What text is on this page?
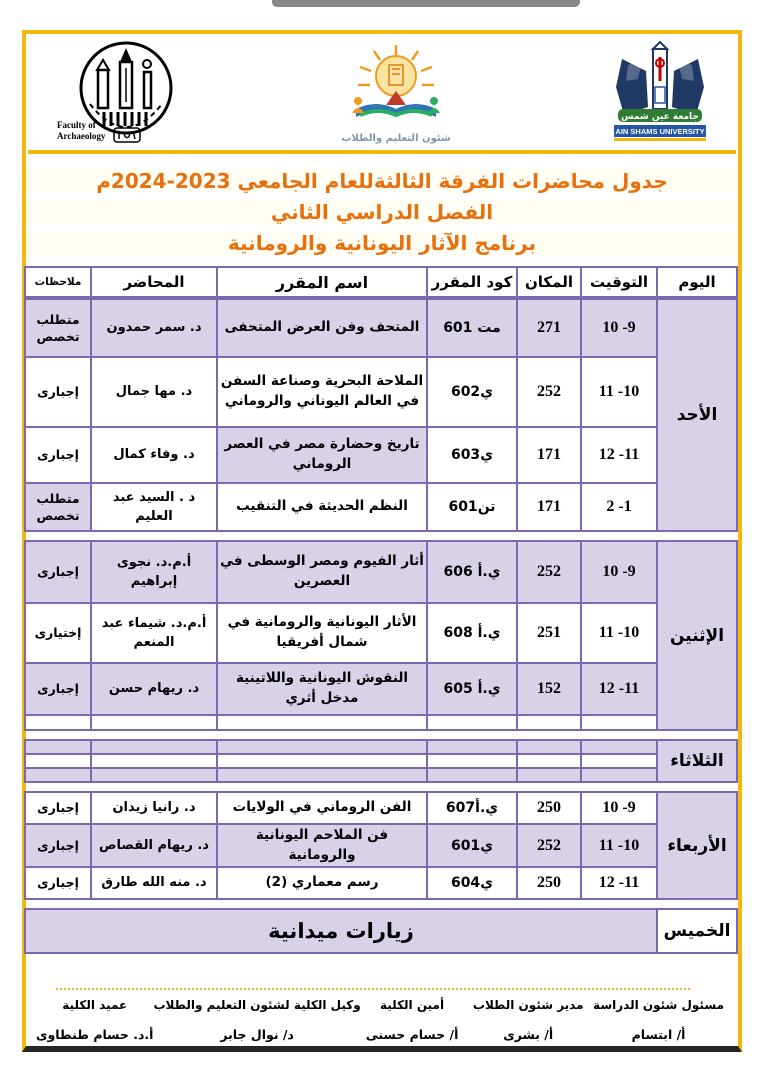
جامعة عين شمس
AIN SHAMS UNIVERSITY
شئون التعليم والطلاب
Faculty of
Archaeology
جدول محاضرات الفرقة الثالثةللعام الجامعي 2023-2024م
الفصل الدراسي الثاني
برنامج الآثار اليونانية والرومانية
اليوم	التوقيت	المكان	كود المقرر	اسم المقرر	المحاضر	ملاحظات
الأحد	10 -9	271	مت 601	المتحف وفن العرض المتحفى	د. سمر حمدون	متطلب تخصص
	11 -10	252	ي602	الملاحة البحرية وصناعة السفن في العالم اليوناني والروماني	د. مها جمال	إجبارى
	12 -11	171	ي603	تاريخ وحضارة مصر في العصر الروماني	د. وفاء كمال	إجبارى
	2 -1	171	تن601	النظم الحديثة في التنقيب	د . السيد عبد العليم	متطلب تخصص
الإثنين	10 -9	252	ي.أ 606	أثار الفيوم ومصر الوسطى في العصرين	أ.م.د. نجوى إبراهيم	إجبارى
	11 -10	251	ي.أ 608	الأثار اليونانية والرومانية في شمال أفريقيا	أ.م.د. شيماء عبد المنعم	إختيارى
	12 -11	152	ي.أ 605	النقوش اليونانية واللاتينية مدخل أثري	د. ريهام حسن	إجبارى

الثلاثاء						

الأربعاء	10 -9	250	ي.أ607	الفن الروماني في الولايات	د. رانيا زيدان	إجبارى
	11 -10	252	ي601	فن الملاحم اليونانية والرومانية	د. ريهام القصاص	إجبارى
	12 -11	250	ي604	رسم معماري (2)	د. منه الله طارق	إجبارى
الخميس	زيارات ميدانية
مسئول شئون الدراسة
أ/ ابتسام
مدير شئون الطلاب
أ/ بشرى
أمين الكلية
أ/ حسام حسنى
وكيل الكلية لشئون التعليم والطلاب
د/ نوال جابر
عميد الكلية
أ.د. حسام طنطاوى
